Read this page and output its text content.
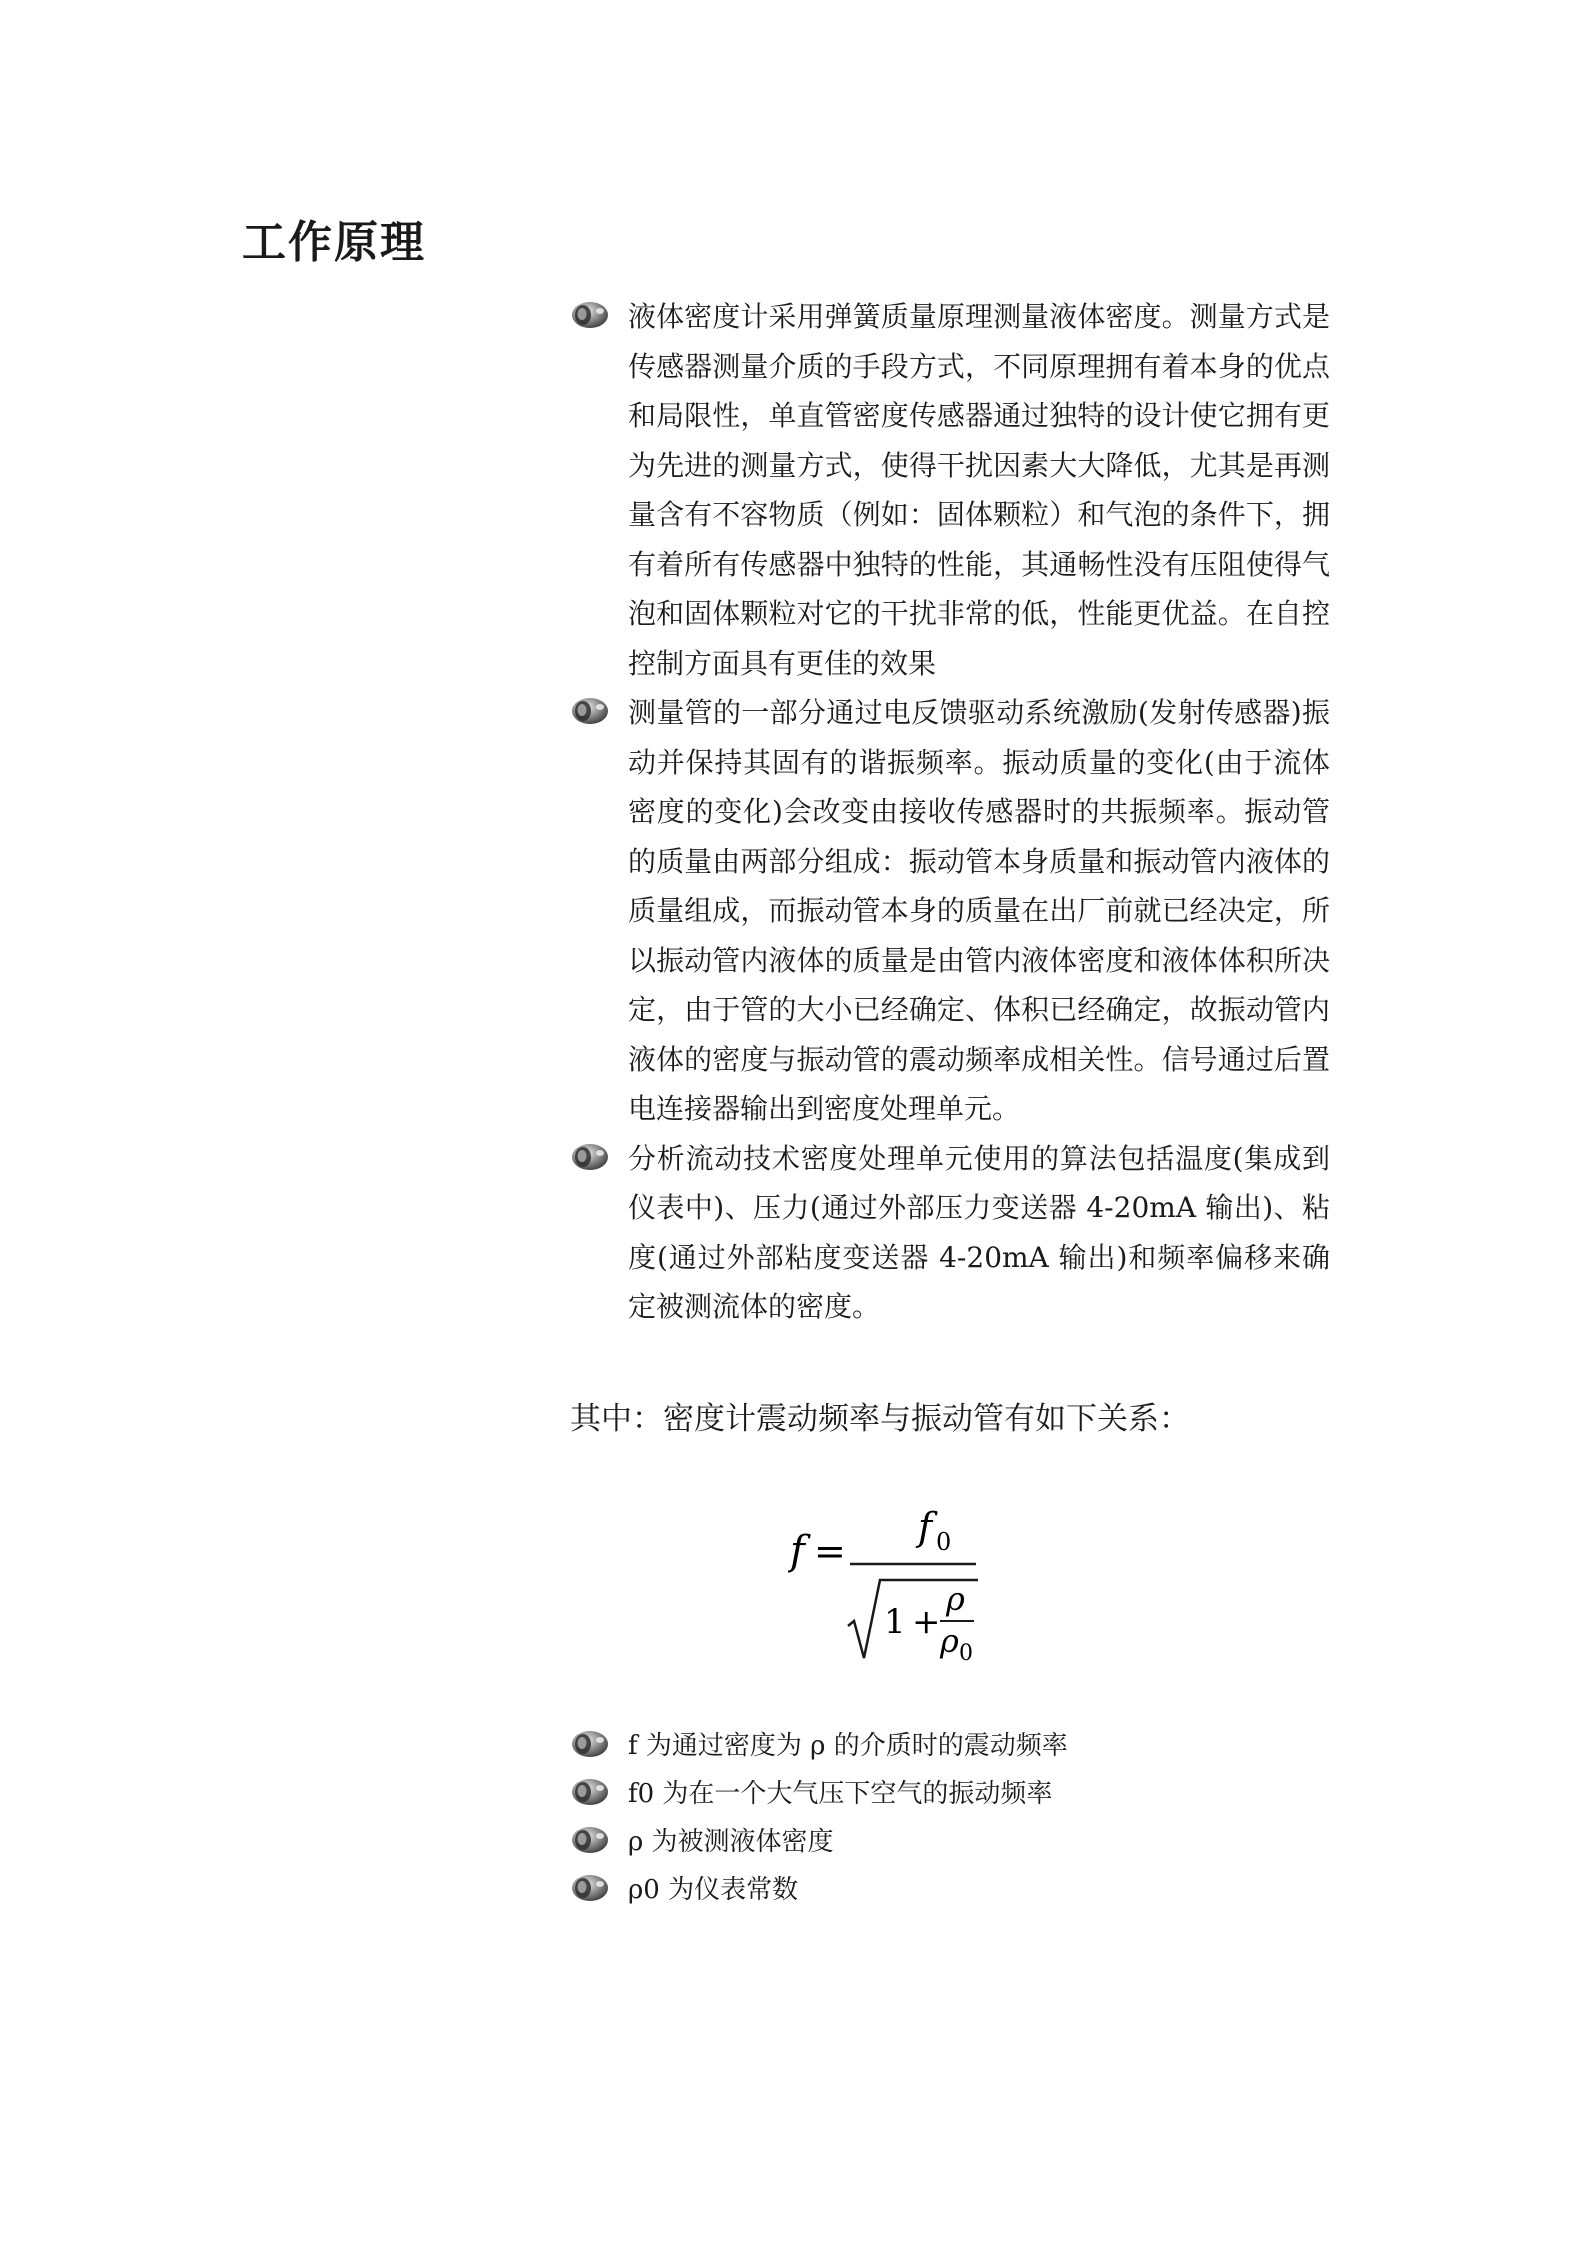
工作原理
液体密度计采用弹簧质量原理测量液体密度。测量方式是传感器测量介质的手段方式，不同原理拥有着本身的优点和局限性，单直管密度传感器通过独特的设计使它拥有更为先进的测量方式，使得干扰因素大大降低，尤其是再测量含有不容物质（例如：固体颗粒）和气泡的条件下，拥有着所有传感器中独特的性能，其通畅性没有压阻使得气泡和固体颗粒对它的干扰非常的低，性能更优益。在自控控制方面具有更佳的效果
测量管的一部分通过电反馈驱动系统激励(发射传感器)振动并保持其固有的谐振频率。振动质量的变化(由于流体密度的变化)会改变由接收传感器时的共振频率。振动管的质量由两部分组成：振动管本身质量和振动管内液体的质量组成，而振动管本身的质量在出厂前就已经决定，所以振动管内液体的质量是由管内液体密度和液体体积所决定，由于管的大小已经确定、体积已经确定，故振动管内液体的密度与振动管的震动频率成相关性。信号通过后置电连接器输出到密度处理单元。
分析流动技术密度处理单元使用的算法包括温度(集成到仪表中)、压力(通过外部压力变送器 4-20mA 输出)、粘度(通过外部粘度变送器 4-20mA 输出)和频率偏移来确定被测流体的密度。
其中：密度计震动频率与振动管有如下关系：
f =
f 0
1 +
ρ
ρ 0
f 为通过密度为 ρ 的介质时的震动频率
f0 为在一个大气压下空气的振动频率
ρ 为被测液体密度
ρ0 为仪表常数
